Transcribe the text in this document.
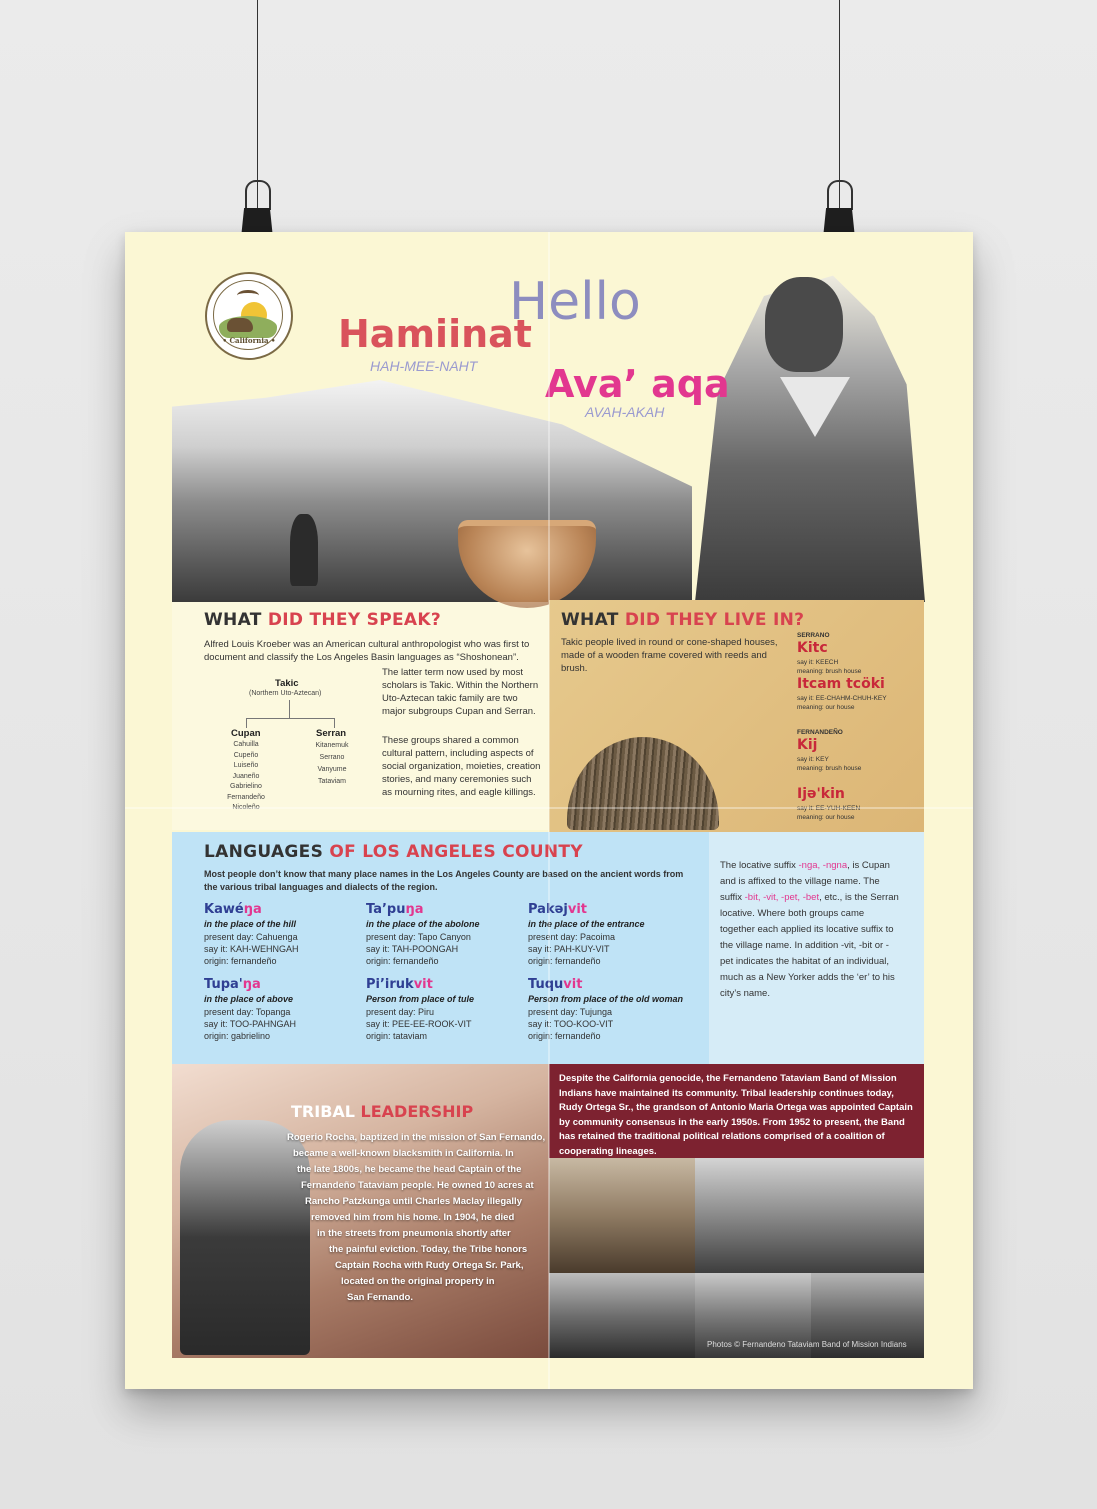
• California •
Hello
Hamiinat
HAH-MEE-NAHT Ava’ aqa
AVAH-AKAH
WHAT DID THEY SPEAK?

Alfred Louis Kroeber was an American cultural anthropologist who was first to document and classify the Los Angeles Basin languages as “Shoshonean”.

The latter term now used by most scholars is Takic. Within the Northern Uto-Aztecan takic family are two major subgroups Cupan and Serran.

These groups shared a common cultural pattern, including aspects of social organization, moieties, creation stories, and many ceremonies such as mourning rites, and eagle killings.

Takic
(Northern Uto-Aztecan)
Cupan	Serran
Cahuilla
Cupeño
Luiseño
Juaneño
Gabrielino
Fernandeño
Nicoleño
Kitanemuk
Serrano
Vanyume
Tataviam
WHAT DID THEY LIVE IN?

Takic people lived in round or cone-shaped houses, made of a wooden frame covered with reeds and brush.

SERRANO
Kitc
say it: KEECH
meaning: brush house
Itcam tcöki
say it: EE-CHAHM-CHUH-KEY
meaning: our house
FERNANDEÑO
Kij
say it: KEY
meaning: brush house
Ijə'kin
say it: EE-YUH-KEEN
meaning: our house
LANGUAGES OF LOS ANGELES COUNTY

Most people don’t know that many place names in the Los Angeles County are based on the ancient words from the various tribal languages and dialects of the region.

Kawéŋa
in the place of the hill
present day: Cahuenga
say it: KAH-WEHNGAH
origin: fernandeño
Ta’puŋa
in the place of the abolone
present day: Tapo Canyon
say it: TAH-POONGAH
origin: fernandeño
Pakəjvit
in the place of the entrance
present day: Pacoima
say it: PAH-KUY-VIT
origin: fernandeño
Tupa'ŋa
in the place of above
present day: Topanga
say it: TOO-PAHNGAH
origin: gabrielino
Pi’irukvit
Person from place of tule
present day: Piru
say it: PEE-EE-ROOK-VIT
origin: tataviam
Tuquvit
Person from place of the old woman
present day: Tujunga
say it: TOO-KOO-VIT
origin: fernandeño

The locative suffix -nga, -ngna, is Cupan and is affixed to the village name. The suffix -bit, -vit, -pet, -bet, etc., is the Serran locative. Where both groups came together each applied its locative suffix to the village name. In addition -vit, -bit or -pet indicates the habitat of an individual, much as a New Yorker adds the ‘er’ to his city’s name.

TRIBAL LEADERSHIP
Rogerio Rocha, baptized in the mission of San Fernando,
became a well-known blacksmith in California. In
the late 1800s, he became the head Captain of the
Fernandeño Tataviam people. He owned 10 acres at
Rancho Patzkunga until Charles Maclay illegally
removed him from his home. In 1904, he died
in the streets from pneumonia shortly after
the painful eviction. Today, the Tribe honors
Captain Rocha with Rudy Ortega Sr. Park,
located on the original property in
San Fernando.

Despite the California genocide, the Fernandeno Tataviam Band of Mission Indians have maintained its community. Tribal leadership continues today, Rudy Ortega Sr., the grandson of Antonio Maria Ortega was appointed Captain by community consensus in the early 1950s. From 1952 to present, the Band has retained the traditional political relations comprised of a coalition of cooperating lineages.

Photos © Fernandeno Tataviam Band of Mission Indians
